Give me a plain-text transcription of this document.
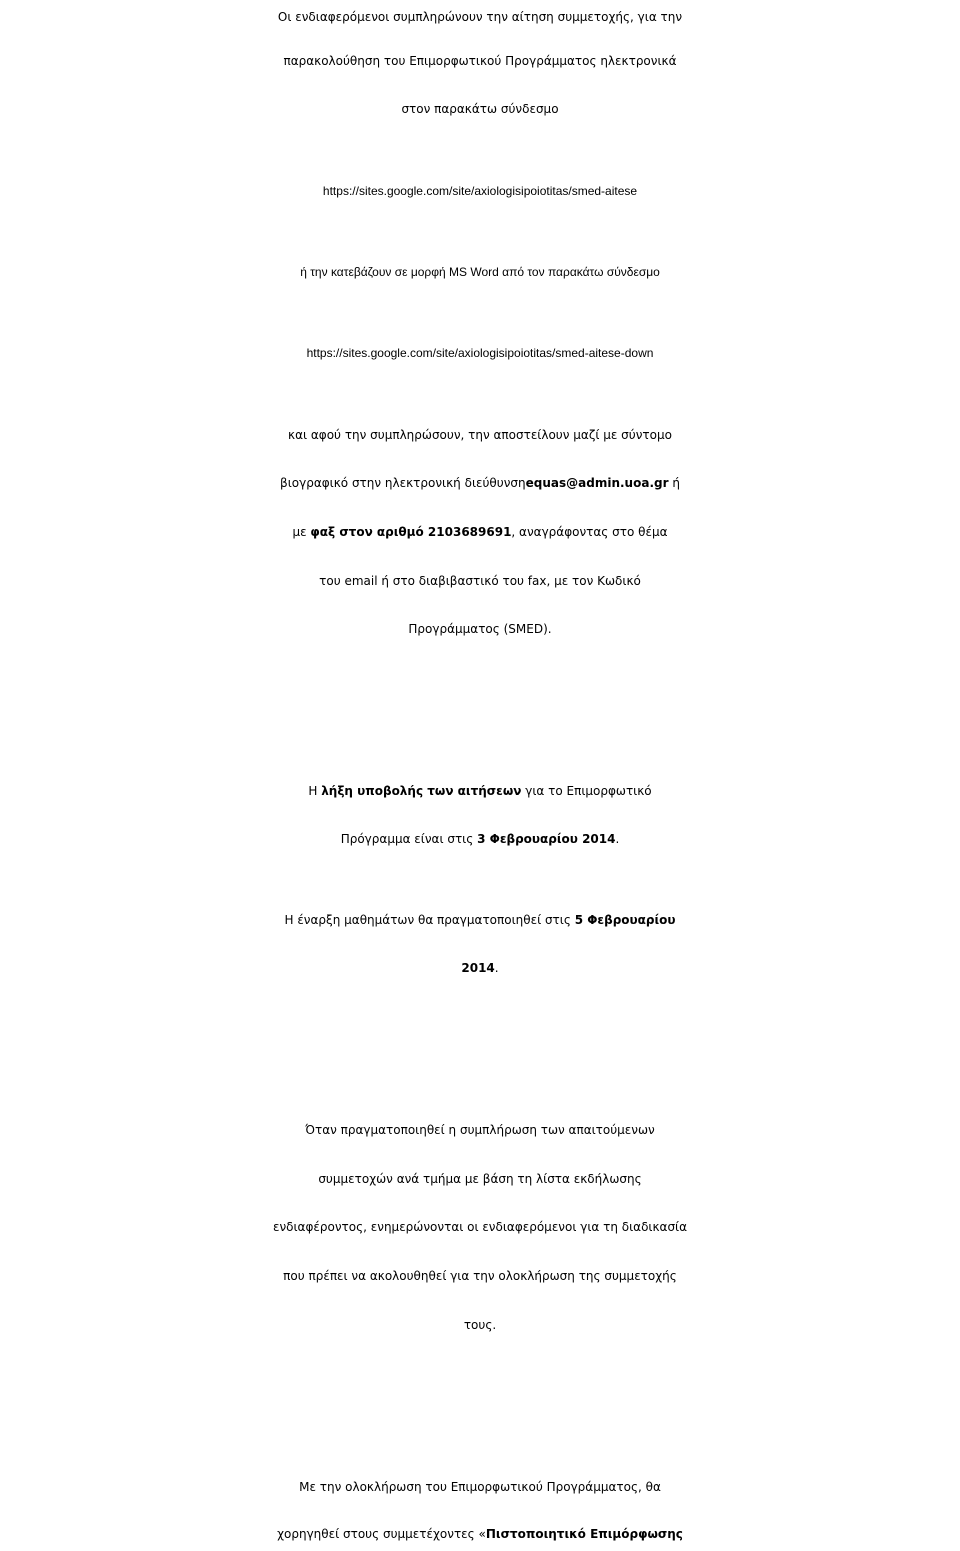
Οι ενδιαφερόμενοι συμπληρώνουν την αίτηση συμμετοχής, για την
παρακολούθηση του Επιμορφωτικού Προγράμματος ηλεκτρονικά
στον παρακάτω σύνδεσμο
https://sites.google.com/site/axiologisipoiotitas/smed-aitese
ή την κατεβάζουν σε μορφή MS Word από τον παρακάτω σύνδεσμο
https://sites.google.com/site/axiologisipoiotitas/smed-aitese-down
και αφού την συμπληρώσουν, την αποστείλουν μαζί με σύντομο
βιογραφικό στην ηλεκτρονική διεύθυνσηequas@admin.uoa.gr ή
με φαξ στον αριθμό 2103689691, αναγράφοντας στο θέμα
του email ή στο διαβιβαστικό του fax, με τον Κωδικό
Προγράμματος (SMED).
Η λήξη υποβολής των αιτήσεων για το Επιμορφωτικό
Πρόγραμμα είναι στις 3 Φεβρουαρίου 2014.
Η έναρξη μαθημάτων θα πραγματοποιηθεί στις 5 Φεβρουαρίου
2014.
Όταν πραγματοποιηθεί η συμπλήρωση των απαιτούμενων
συμμετοχών ανά τμήμα με βάση τη λίστα εκδήλωσης
ενδιαφέροντος, ενημερώνονται οι ενδιαφερόμενοι για τη διαδικασία
που πρέπει να ακολουθηθεί για την ολοκλήρωση της συμμετοχής
τους.
Με την ολοκλήρωση του Επιμορφωτικού Προγράμματος, θα
χορηγηθεί στους συμμετέχοντες «Πιστοποιητικό Επιμόρφωσης
